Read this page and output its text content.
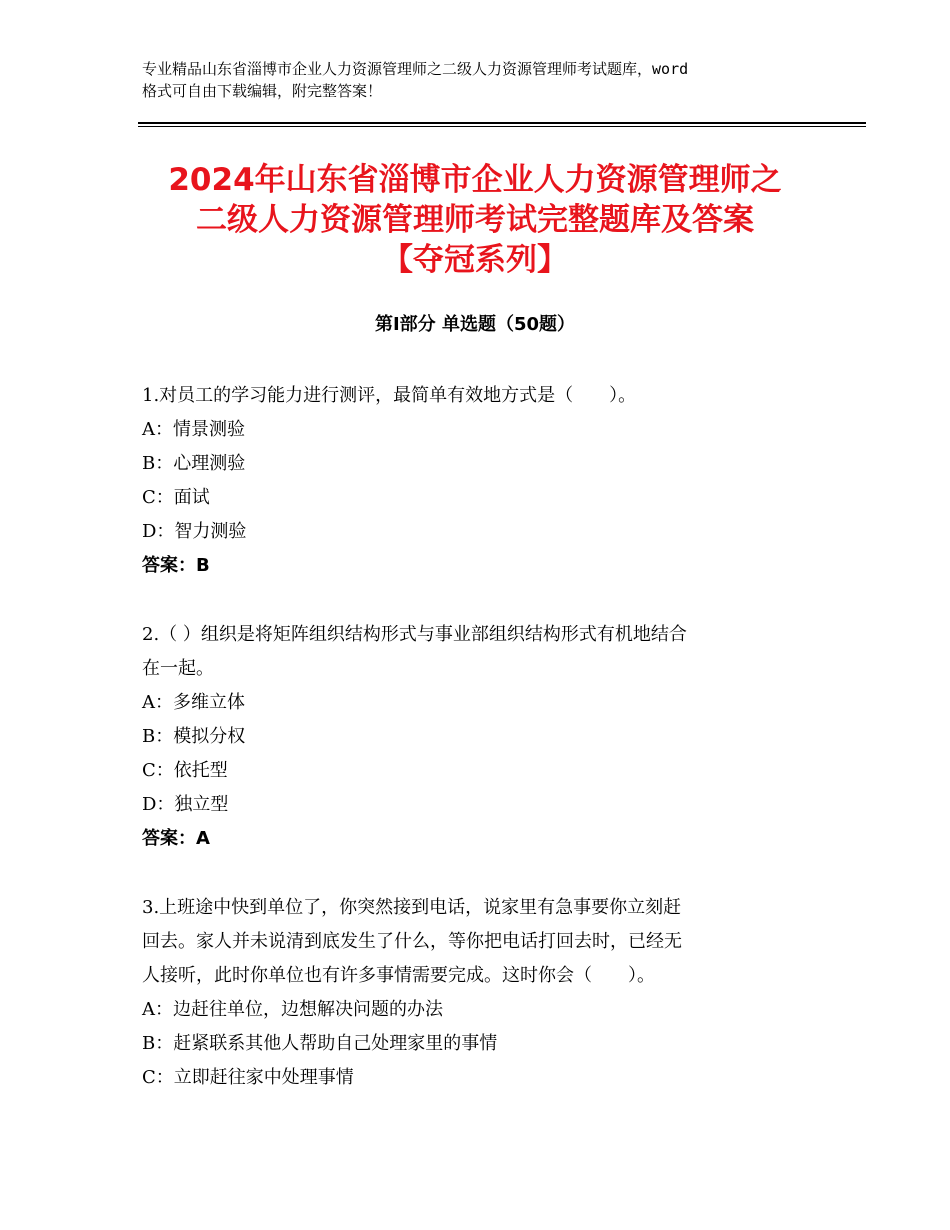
专业精品山东省淄博市企业人力资源管理师之二级人力资源管理师考试题库，word
格式可自由下载编辑，附完整答案！
2024年山东省淄博市企业人力资源管理师之
二级人力资源管理师考试完整题库及答案
【夺冠系列】
第Ⅰ部分 单选题（50题）
1.对员工的学习能力进行测评，最简单有效地方式是（　　）。
A：情景测验
B：心理测验
C：面试
D：智力测验
答案：B
2.（ ）组织是将矩阵组织结构形式与事业部组织结构形式有机地结合
在一起。
A：多维立体
B：模拟分权
C：依托型
D：独立型
答案：A
3.上班途中快到单位了，你突然接到电话，说家里有急事要你立刻赶
回去。家人并未说清到底发生了什么，等你把电话打回去时，已经无
人接听，此时你单位也有许多事情需要完成。这时你会（　　）。
A：边赶往单位，边想解决问题的办法
B：赶紧联系其他人帮助自己处理家里的事情
C：立即赶往家中处理事情
